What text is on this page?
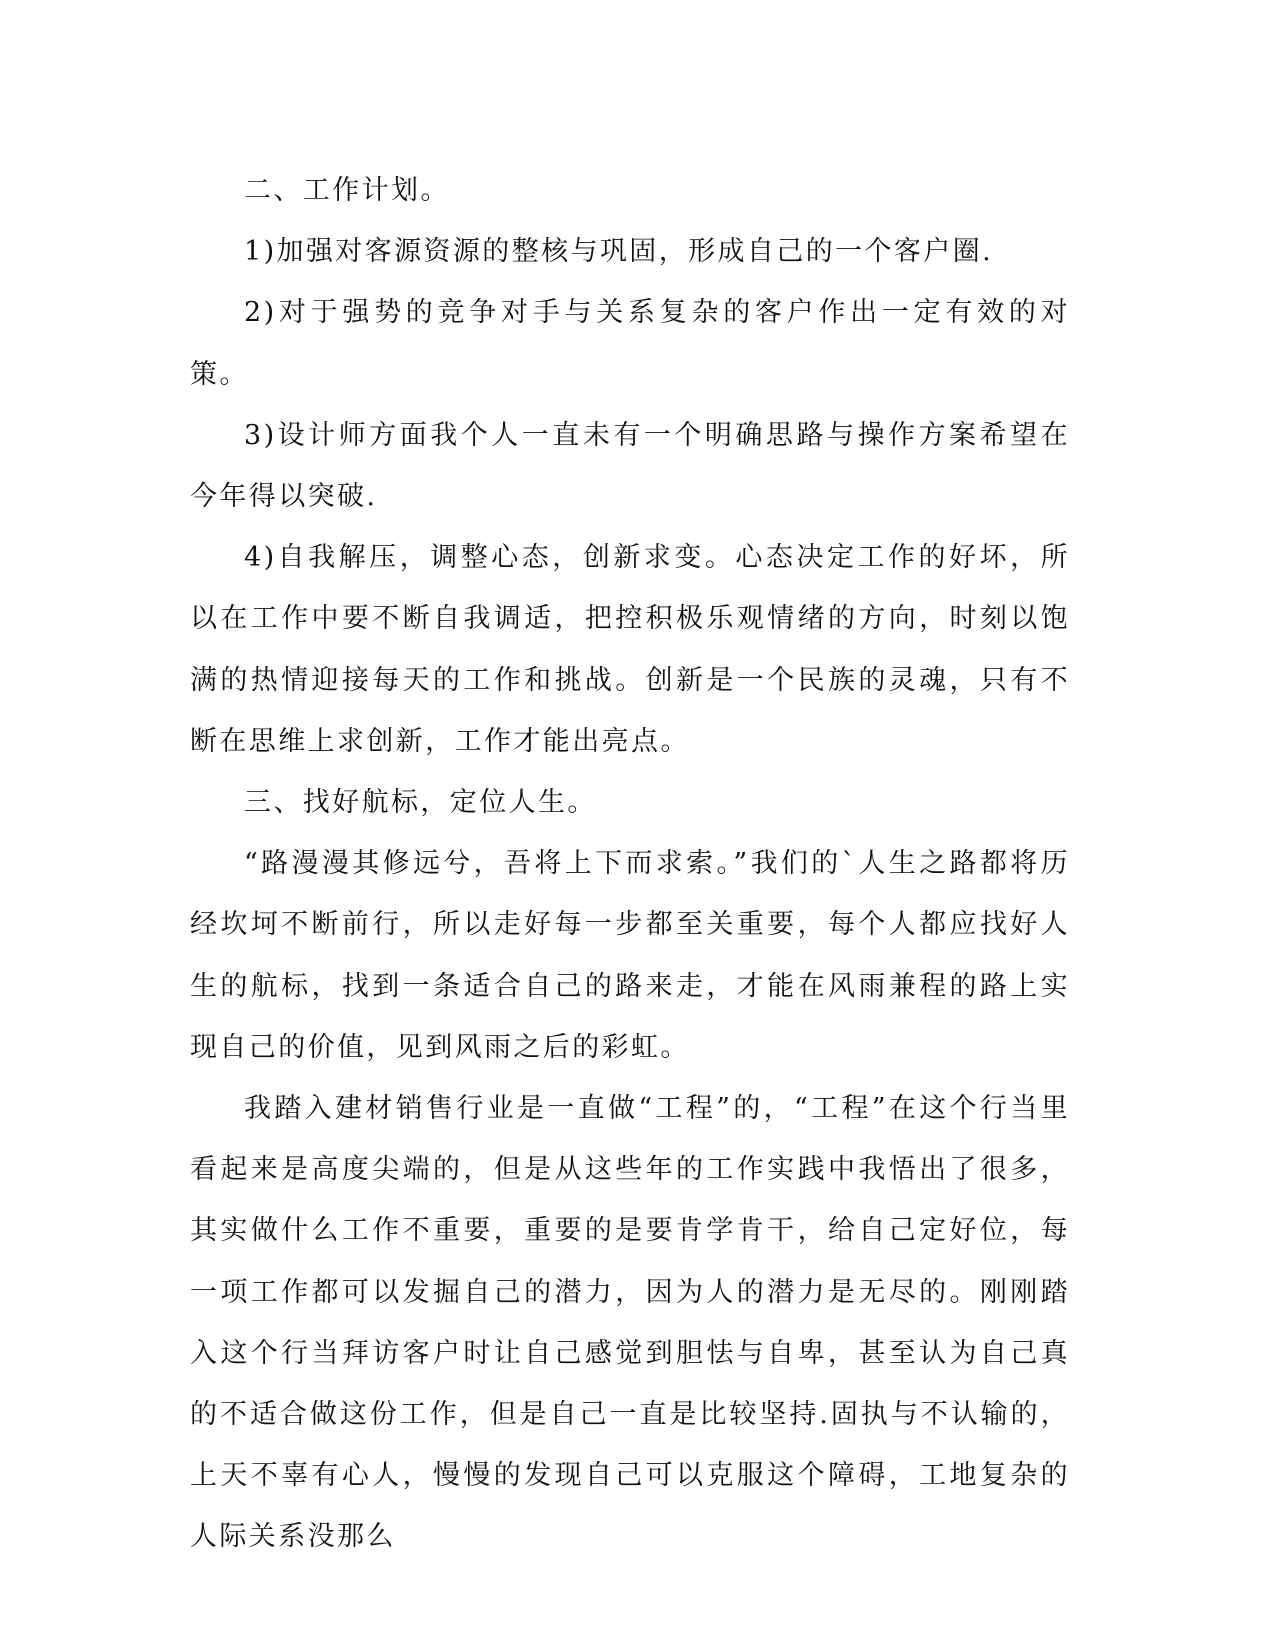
二、工作计划。

1)加强对客源资源的整核与巩固，形成自己的一个客户圈.

2)对于强势的竞争对手与关系复杂的客户作出一定有效的对策。

3)设计师方面我个人一直未有一个明确思路与操作方案希望在今年得以突破.

4)自我解压，调整心态，创新求变。心态决定工作的好坏，所以在工作中要不断自我调适，把控积极乐观情绪的方向，时刻以饱满的热情迎接每天的工作和挑战。创新是一个民族的灵魂，只有不断在思维上求创新，工作才能出亮点。

三、找好航标，定位人生。

“路漫漫其修远兮，吾将上下而求索。”我们的`人生之路都将历经坎坷不断前行，所以走好每一步都至关重要，每个人都应找好人生的航标，找到一条适合自己的路来走，才能在风雨兼程的路上实现自己的价值，见到风雨之后的彩虹。

我踏入建材销售行业是一直做“工程”的，“工程”在这个行当里看起来是高度尖端的，但是从这些年的工作实践中我悟出了很多，其实做什么工作不重要，重要的是要肯学肯干，给自己定好位，每一项工作都可以发掘自己的潜力，因为人的潜力是无尽的。刚刚踏入这个行当拜访客户时让自己感觉到胆怯与自卑，甚至认为自己真的不适合做这份工作，但是自己一直是比较坚持.固执与不认输的，上天不辜有心人，慢慢的发现自己可以克服这个障碍，工地复杂的人际关系没那么
